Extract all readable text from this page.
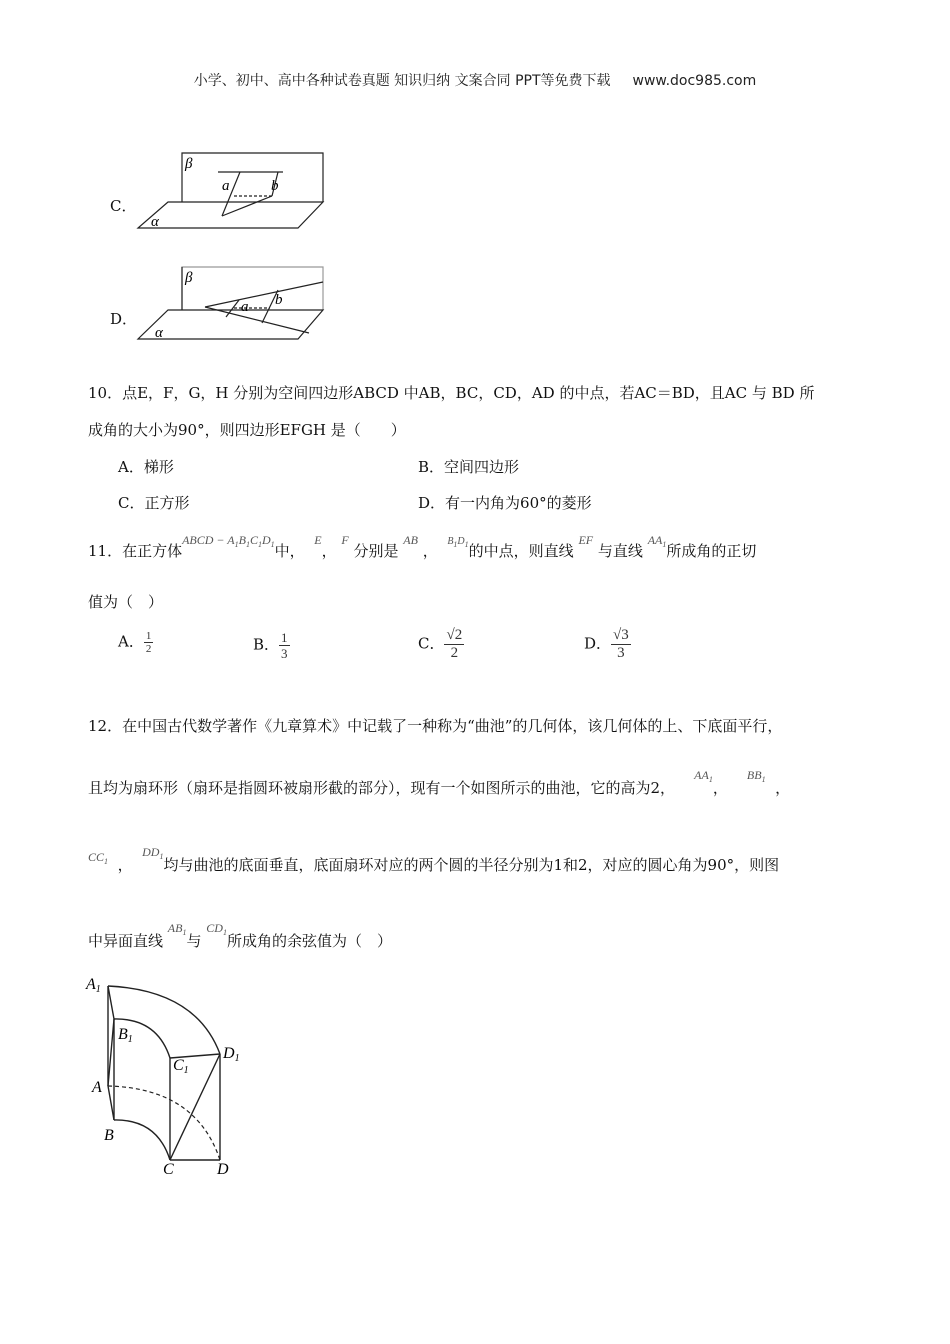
小学、初中、高中各种试卷真题 知识归纳 文案合同 PPT等免费下载 www.doc985.com
C．
β
α
a	b
D．
β
α
a b
10．点E，F，G，H 分别为空间四边形ABCD 中AB，BC，CD，AD 的中点，若AC＝BD，且AC 与 BD 所
成角的大小为90°，则四边形EFGH 是（　　）
A．梯形	B．空间四边形
C．正方形	D．有一内角为60°的菱形
11．在正方体$^{ABCD - A_1B_1C_1D_1}$中，  $^E$， $^F$ 分别是 $^{AB}$ ，  $^{B_1D_1}$的中点，则直线 $^{EF}$ 与直线 $^{AA_1}$所成角的正切
值为（　）
A． $\frac{1}{2}$	B． $\frac{1}{3}$	C． $\frac{√2}{2}$	D． $\frac{√3}{3}$
12．在中国古代数学著作《九章算术》中记载了一种称为“曲池”的几何体，该几何体的上、下底面平行，
且均为扇环形（扇环是指圆环被扇形截的部分），现有一个如图所示的曲池，它的高为2，    $^{AA_1}$，    $^{BB_1}$ ，
$^{CC_1}$ ，  $^{DD_1}$均与曲池的底面垂直，底面扇环对应的两个圆的半径分别为1和2，对应的圆心角为90°，则图
中异面直线 $^{AB_1}$与 $^{CD_1}$所成角的余弦值为（　）
A1
B1
C1
D1
A
B
C	D
